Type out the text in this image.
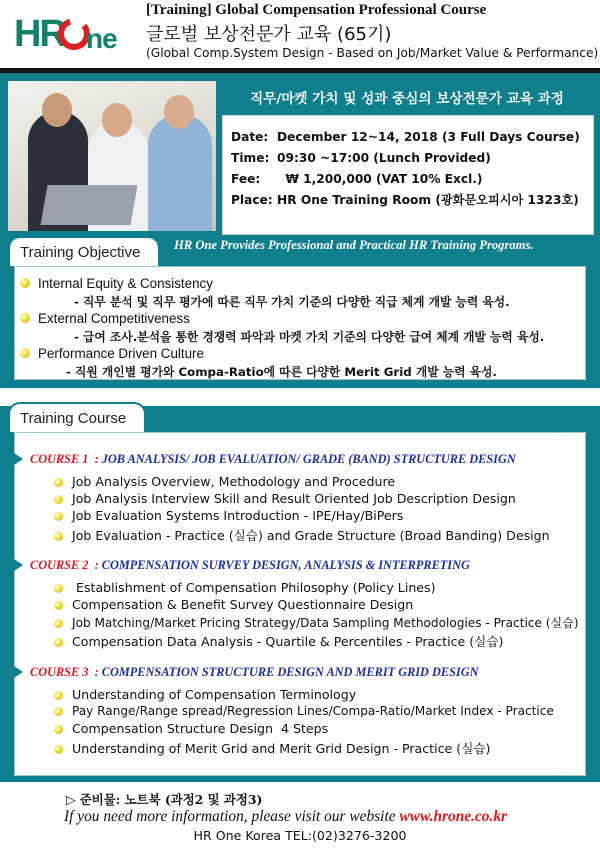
HR ne
[Training] Global Compensation Professional Course
글로벌 보상전문가 교육 (65기)
(Global Comp.System Design - Based on Job/Market Value & Performance)
직무/마켓 가치 및 성과 중심의 보상전문가 교육 과정
Date: December 12~14, 2018 (3 Full Days Course)
Time: 09:30 ~17:00 (Lunch Provided)
Fee:	₩ 1,200,000 (VAT 10% Excl.)
Place: HR One Training Room (광화문오피시아 1323호)
Training Objective	HR One Provides Professional and Practical HR Training Programs.
Internal Equity & Consistency
- 직무 분석 및 직무 평가에 따른 직무 가치 기준의 다양한 직급 체계 개발 능력 육성.
External Competitiveness
- 급여 조사.분석을 통한 경쟁력 파악과 마켓 가치 기준의 다양한 급여 체계 개발 능력 육성.
Performance Driven Culture
- 직원 개인별 평가와 Compa-Ratio에 따른 다양한 Merit Grid 개발 능력 육성.
Training Course
COURSE 1  : JOB ANALYSIS/ JOB EVALUATION/ GRADE (BAND) STRUCTURE DESIGN
Job Analysis Overview, Methodology and Procedure
Job Analysis Interview Skill and Result Oriented Job Description Design
Job Evaluation Systems Introduction - IPE/Hay/BiPers
Job Evaluation - Practice (실습) and Grade Structure (Broad Banding) Design
COURSE 2  : COMPENSATION SURVEY DESIGN, ANALYSIS & INTERPRETING
Establishment of Compensation Philosophy (Policy Lines)
Compensation & Benefit Survey Questionnaire Design
Job Matching/Market Pricing Strategy/Data Sampling Methodologies - Practice (실습)
Compensation Data Analysis - Quartile & Percentiles - Practice (실습)
COURSE 3  : COMPENSATION STRUCTURE DESIGN AND MERIT GRID DESIGN
Understanding of Compensation Terminology
Pay Range/Range spread/Regression Lines/Compa-Ratio/Market Index - Practice
Compensation Structure Design  4 Steps
Understanding of Merit Grid and Merit Grid Design - Practice (실습)
▷ 준비물: 노트북 (과정2 및 과정3)
If you need more information, please visit our website www.hrone.co.kr
HR One Korea TEL:(02)3276-3200
